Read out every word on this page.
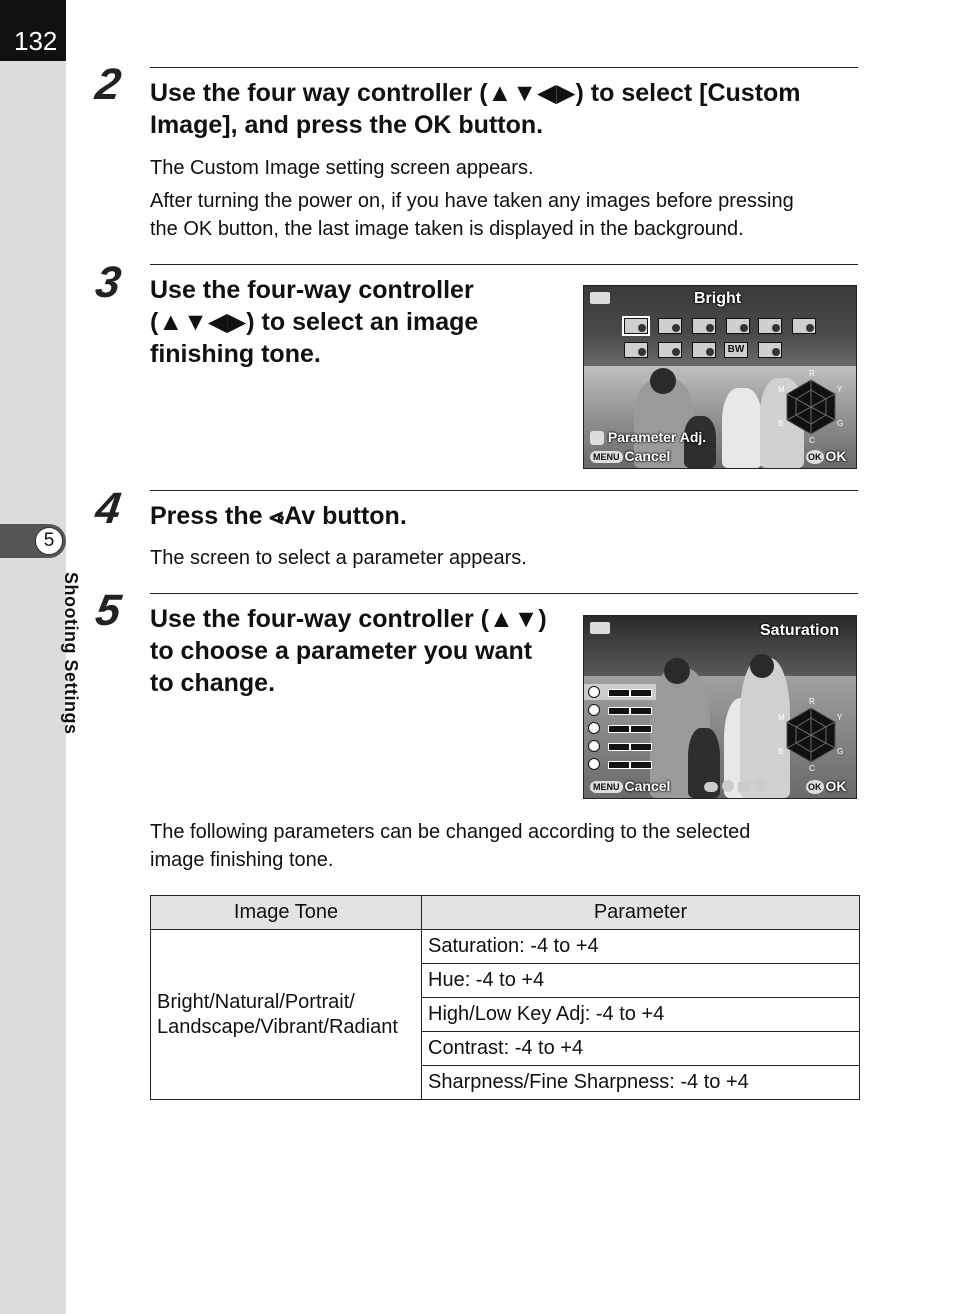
132
5
Shooting Settings
2 Use the four way controller (▲▼◀▶) to select [Custom
Image], and press the OK button.
The Custom Image setting screen appears.
After turning the power on, if you have taken any images before pressing
the OK button, the last image taken is displayed in the background.
3 Use the four-way controller
(▲▼◀▶) to select an image
finishing tone.
Bright
BW
R
Y
G
C
B
M
Parameter Adj.
MENU Cancel	OK OK
4 Press the ⩹Av button.
The screen to select a parameter appears.
5 Use the four-way controller (▲▼)
to choose a parameter you want
to change.
Saturation
R
Y
G
C
B
M
MENU Cancel
	OK OK
The following parameters can be changed according to the selected
image finishing tone.
Image Tone	Parameter

Bright/Natural/Portrait/
Landscape/Vibrant/Radiant	Saturation: -4 to +4
	Hue: -4 to +4
	High/Low Key Adj: -4 to +4
	Contrast: -4 to +4
	Sharpness/Fine Sharpness: -4 to +4
